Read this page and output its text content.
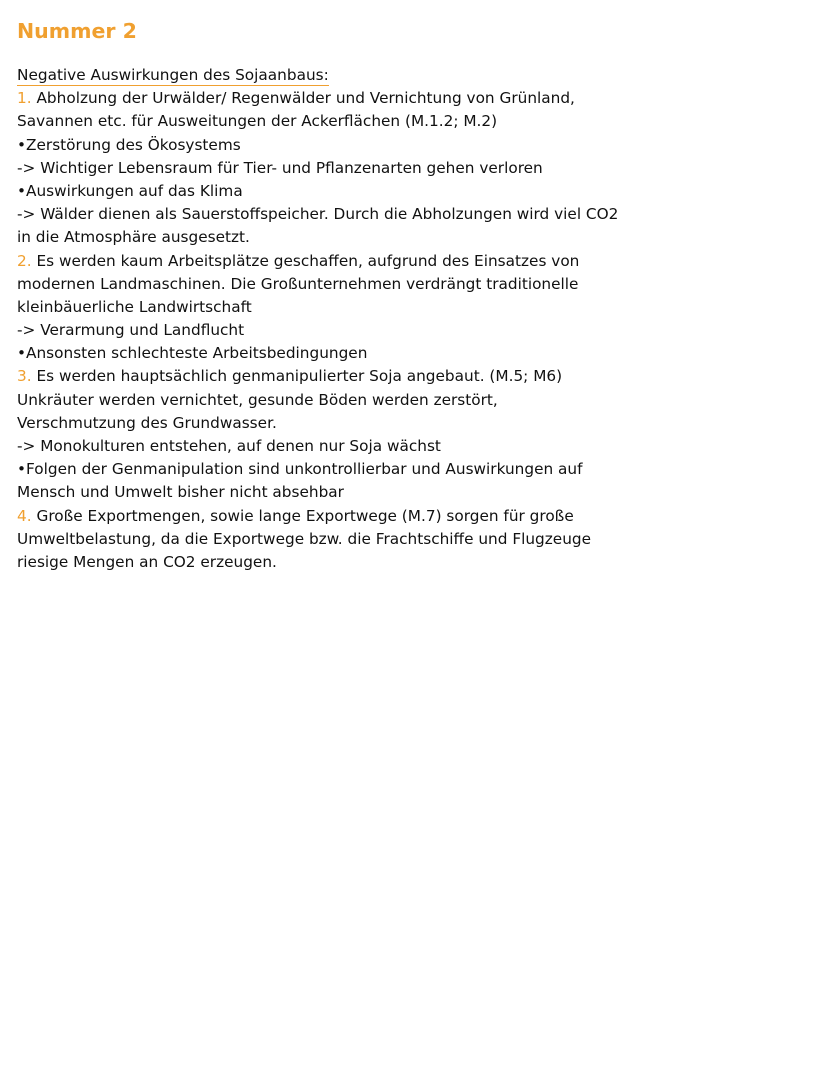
Nummer 2
Negative Auswirkungen des Sojaanbaus:
1. Abholzung der Urwälder/ Regenwälder und Vernichtung von Grünland,
Savannen etc. für Ausweitungen der Ackerflächen (M.1.2; M.2)
•Zerstörung des Ökosystems
-> Wichtiger Lebensraum für Tier- und Pflanzenarten gehen verloren
•Auswirkungen auf das Klima
-> Wälder dienen als Sauerstoffspeicher. Durch die Abholzungen wird viel CO2
in die Atmosphäre ausgesetzt.
2. Es werden kaum Arbeitsplätze geschaffen, aufgrund des Einsatzes von
modernen Landmaschinen. Die Großunternehmen verdrängt traditionelle
kleinbäuerliche Landwirtschaft
-> Verarmung und Landflucht
•Ansonsten schlechteste Arbeitsbedingungen
3. Es werden hauptsächlich genmanipulierter Soja angebaut. (M.5; M6)
Unkräuter werden vernichtet, gesunde Böden werden zerstört,
Verschmutzung des Grundwasser.
-> Monokulturen entstehen, auf denen nur Soja wächst
•Folgen der Genmanipulation sind unkontrollierbar und Auswirkungen auf
Mensch und Umwelt bisher nicht absehbar
4. Große Exportmengen, sowie lange Exportwege (M.7) sorgen für große
Umweltbelastung, da die Exportwege bzw. die Frachtschiffe und Flugzeuge
riesige Mengen an CO2 erzeugen.
